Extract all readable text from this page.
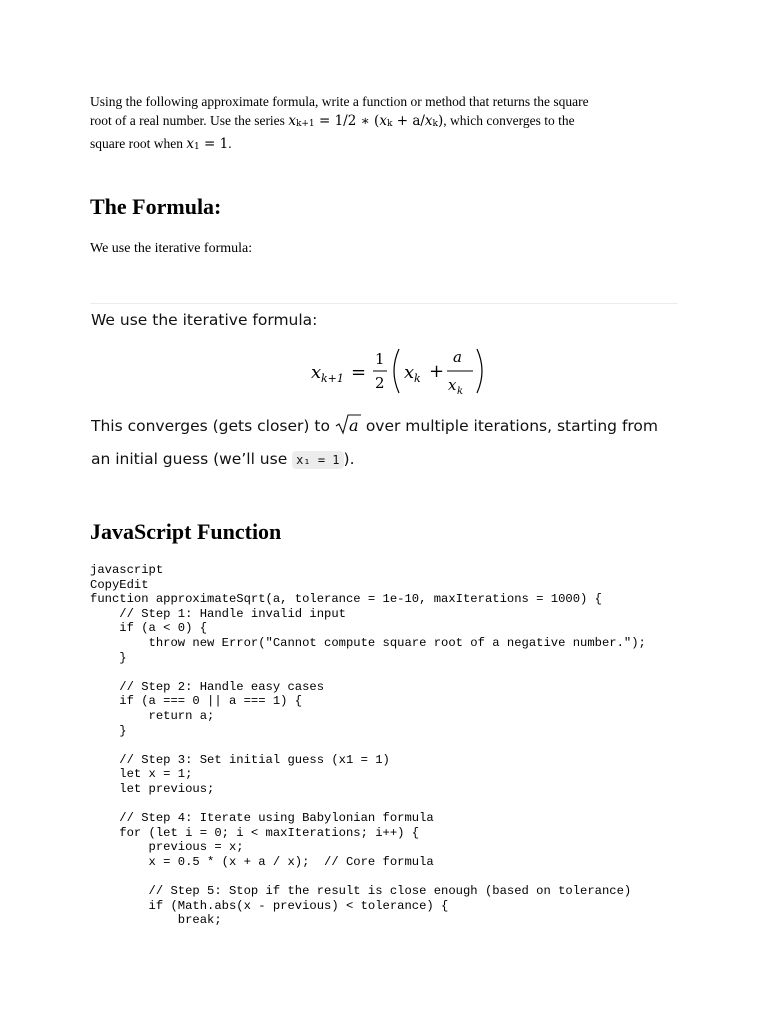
Using the following approximate formula, write a function or method that returns the square root of a real number. Use the series xk+1 = 1/2 ∗ (xk + a/xk), which converges to the square root when x1 = 1.

The Formula:

We use the iterative formula:

We use the iterative formula:
x k+1 =
1
2 x k +
a
x k
This converges (gets closer) to a over multiple iterations, starting from an initial guess (we’ll use x₁ = 1 ).
JavaScript Function
javascript
CopyEdit
function approximateSqrt(a, tolerance = 1e-10, maxIterations = 1000) {
// Step 1: Handle invalid input
if (a < 0) {
throw new Error("Cannot compute square root of a negative number.");
}
// Step 2: Handle easy cases
if (a === 0 || a === 1) {
return a;
}
// Step 3: Set initial guess (x1 = 1)
let x = 1;
let previous;
// Step 4: Iterate using Babylonian formula
for (let i = 0; i < maxIterations; i++) {
previous = x;
x = 0.5 * (x + a / x);  // Core formula
// Step 5: Stop if the result is close enough (based on tolerance)
if (Math.abs(x - previous) < tolerance) {
break;
